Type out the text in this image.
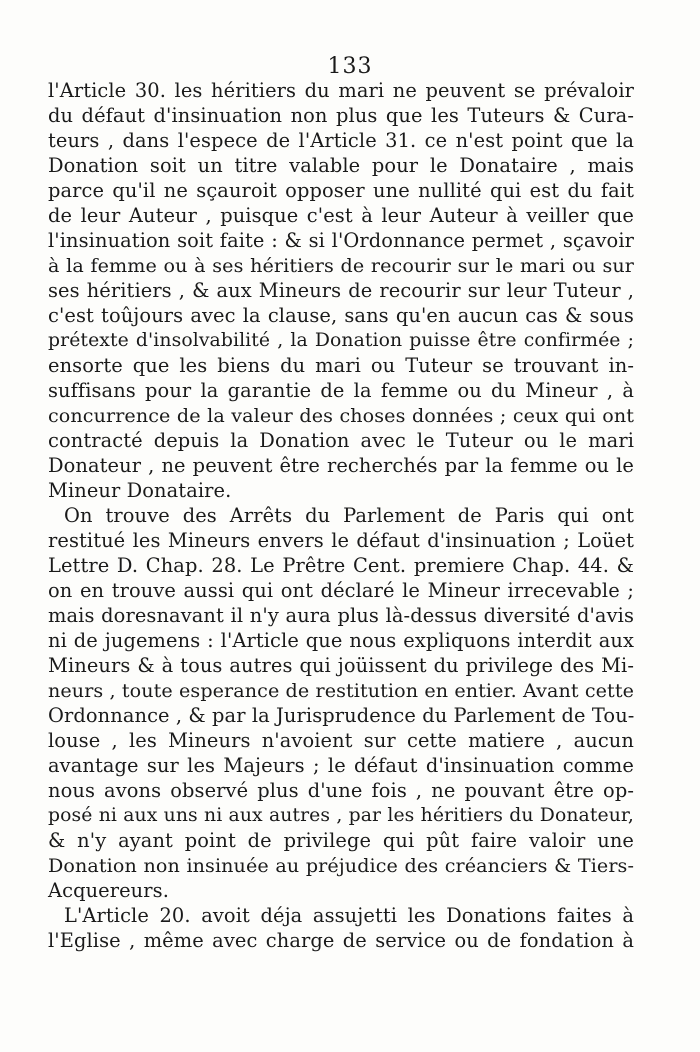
133
l'Article 30. les héritiers du mari ne peuvent se prévaloir
du défaut d'insinuation non plus que les Tuteurs & Cura-
teurs , dans l'espece de l'Article 31. ce n'est point que la
Donation soit un titre valable pour le Donataire , mais
parce qu'il ne sçauroit opposer une nullité qui est du fait
de leur Auteur , puisque c'est à leur Auteur à veiller que
l'insinuation soit faite : & si l'Ordonnance permet , sçavoir
à la femme ou à ses héritiers de recourir sur le mari ou sur
ses héritiers , & aux Mineurs de recourir sur leur Tuteur ,
c'est toûjours avec la clause, sans qu'en aucun cas & sous
prétexte d'insolvabilité , la Donation puisse être confirmée ;
ensorte que les biens du mari ou Tuteur se trouvant in-
suffisans pour la garantie de la femme ou du Mineur , à
concurrence de la valeur des choses données ; ceux qui ont
contracté depuis la Donation avec le Tuteur ou le mari
Donateur , ne peuvent être recherchés par la femme ou le
Mineur Donataire.
On trouve des Arrêts du Parlement de Paris qui ont
restitué les Mineurs envers le défaut d'insinuation ; Loüet
Lettre D. Chap. 28. Le Prêtre Cent. premiere Chap. 44. &
on en trouve aussi qui ont déclaré le Mineur irrecevable ;
mais doresnavant il n'y aura plus là-dessus diversité d'avis
ni de jugemens : l'Article que nous expliquons interdit aux
Mineurs & à tous autres qui joüissent du privilege des Mi-
neurs , toute esperance de restitution en entier. Avant cette
Ordonnance , & par la Jurisprudence du Parlement de Tou-
louse , les Mineurs n'avoient sur cette matiere , aucun
avantage sur les Majeurs ; le défaut d'insinuation comme
nous avons observé plus d'une fois , ne pouvant être op-
posé ni aux uns ni aux autres , par les héritiers du Donateur,
& n'y ayant point de privilege qui pût faire valoir une
Donation non insinuée au préjudice des créanciers & Tiers-
Acquereurs.
L'Article 20. avoit déja assujetti les Donations faites à
l'Eglise , même avec charge de service ou de fondation à
